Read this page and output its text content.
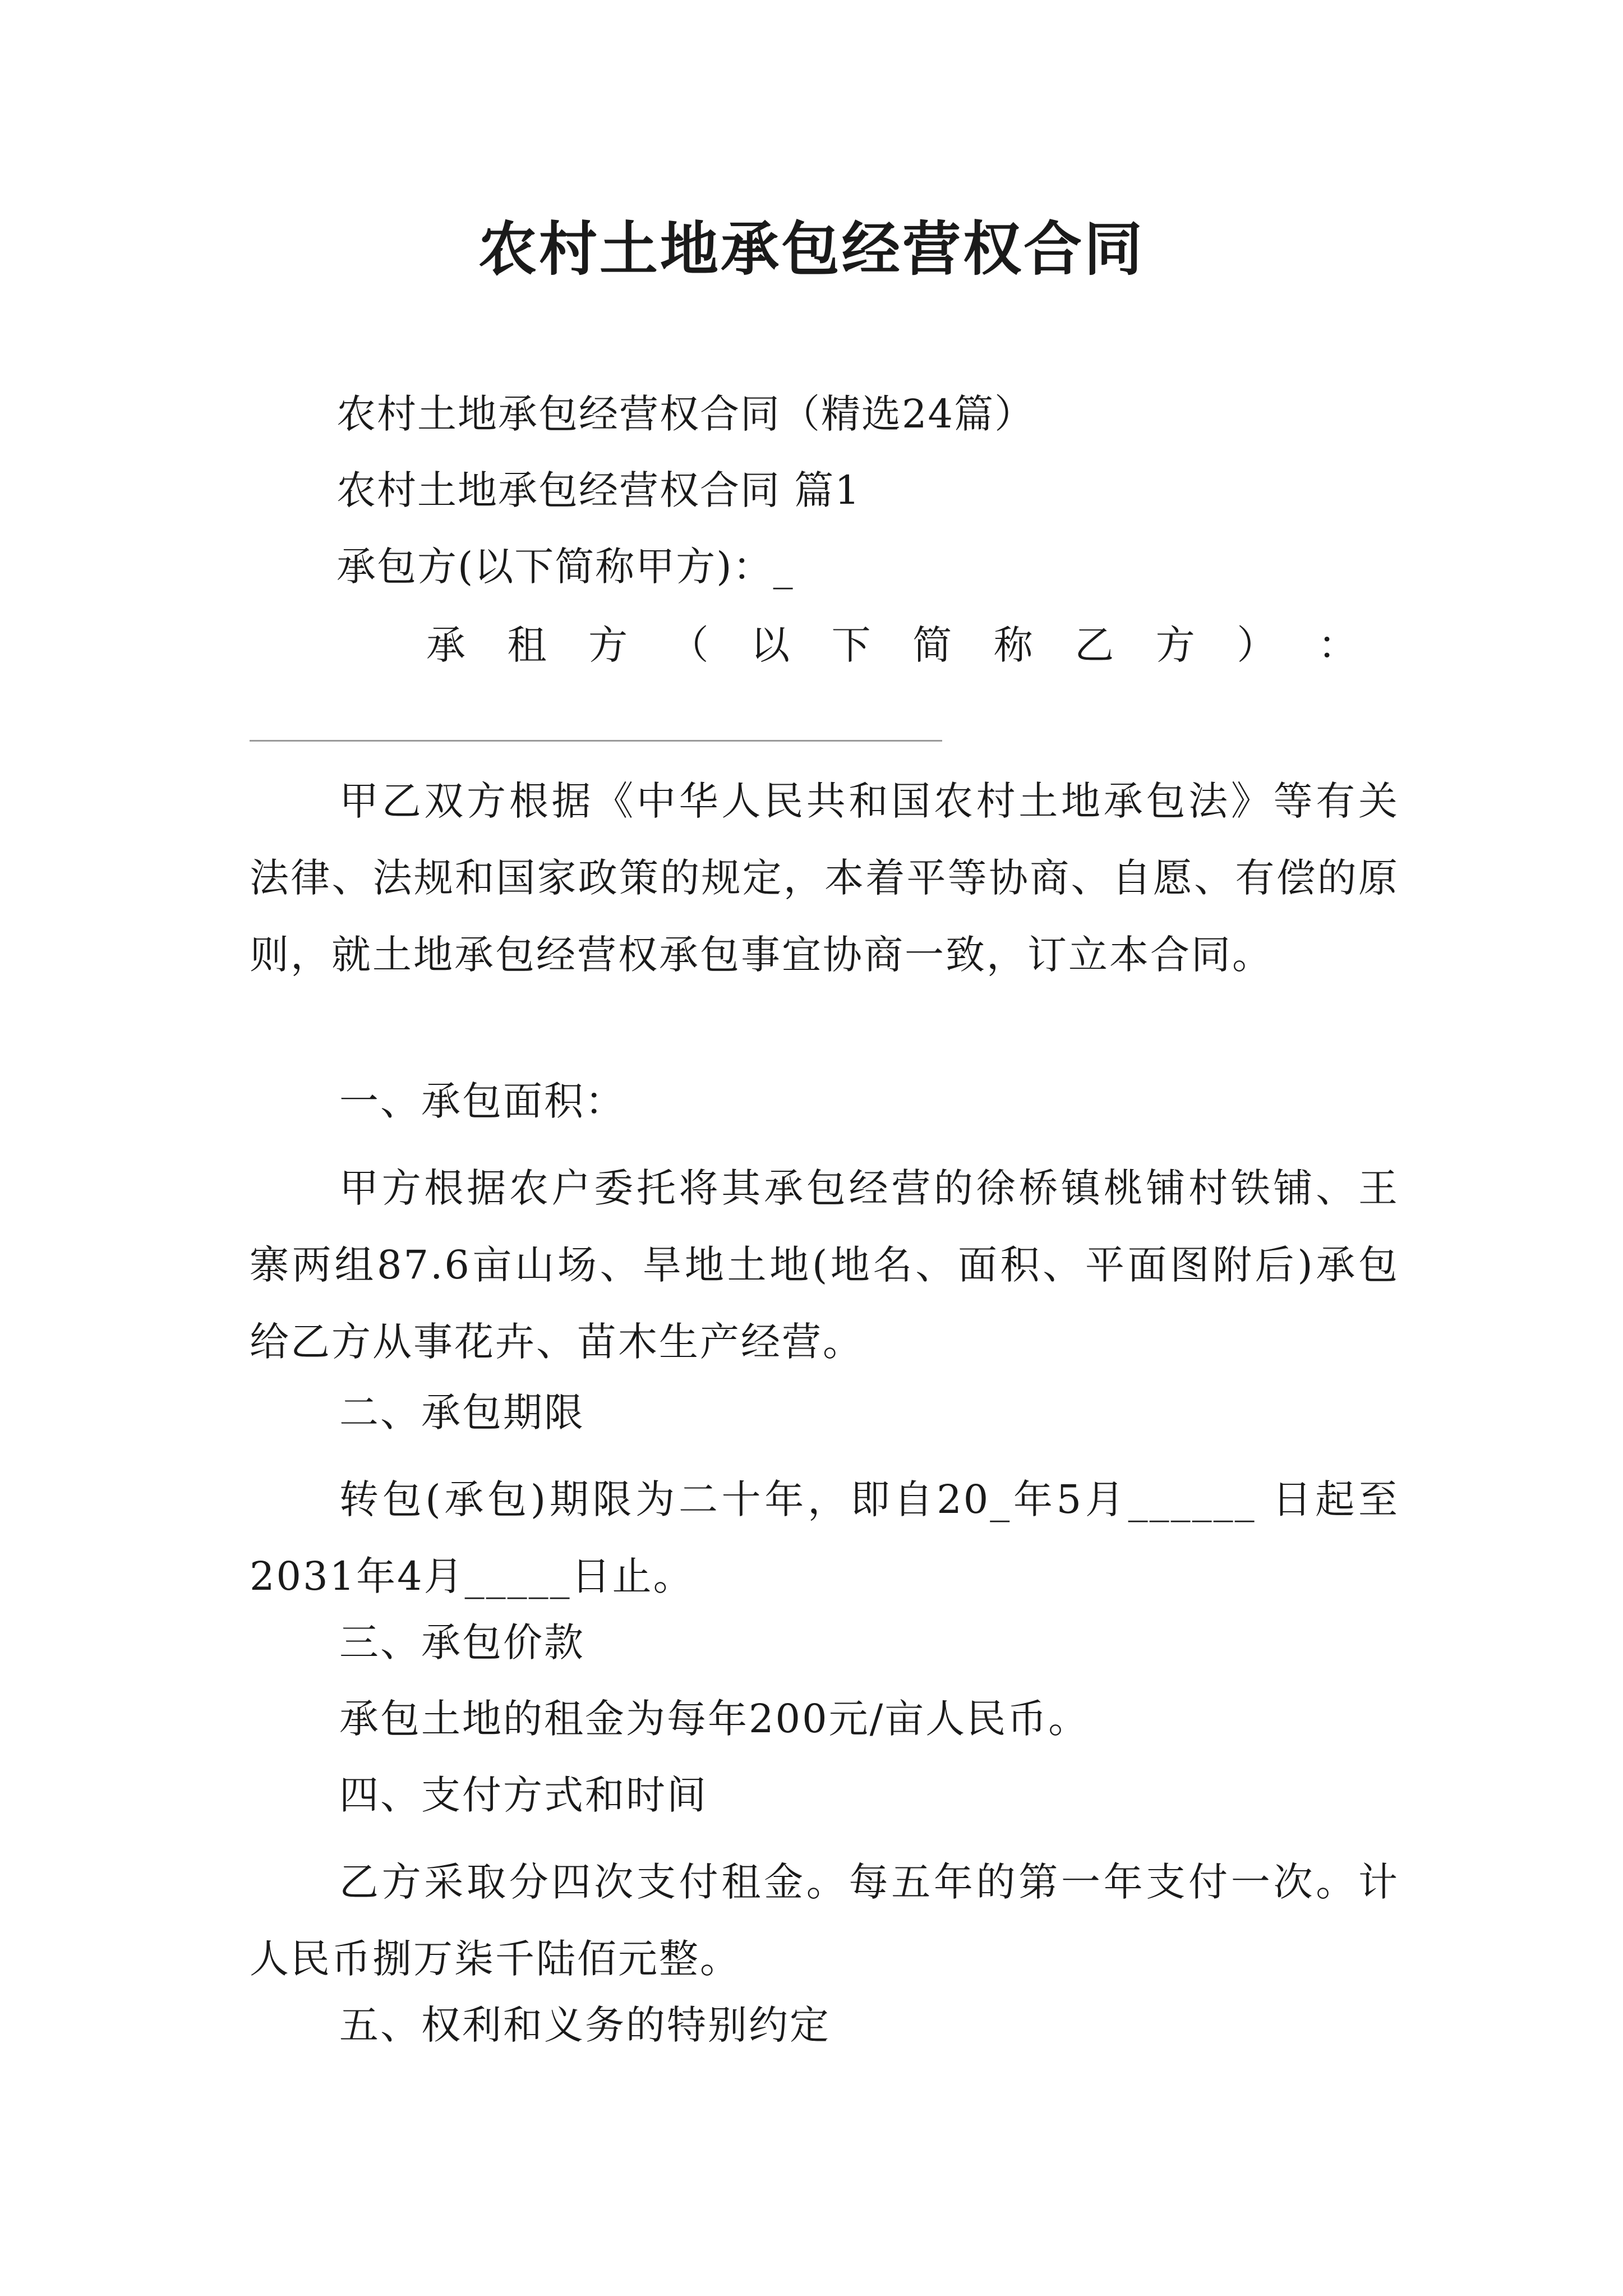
农村土地承包经营权合同
农村土地承包经营权合同（精选24篇）
农村土地承包经营权合同 篇1
承包方(以下简称甲方)：_
承 租 方 （ 以 下 简 称 乙 方 ） ：

甲乙双方根据《中华人民共和国农村土地承包法》等有关法律、法规和国家政策的规定，本着平等协商、自愿、有偿的原则，就土地承包经营权承包事宜协商一致，订立本合同。

一、承包面积：

甲方根据农户委托将其承包经营的徐桥镇桃铺村铁铺、王寨两组87.6亩山场、旱地土地(地名、面积、平面图附后)承包给乙方从事花卉、苗木生产经营。

二、承包期限

转包(承包)期限为二十年，即自20_年5月______ 日起至2031年4月_____日止。

三、承包价款

承包土地的租金为每年200元/亩人民币。

四、支付方式和时间

乙方采取分四次支付租金。每五年的第一年支付一次。计人民币捌万柒千陆佰元整。

五、权利和义务的特别约定
